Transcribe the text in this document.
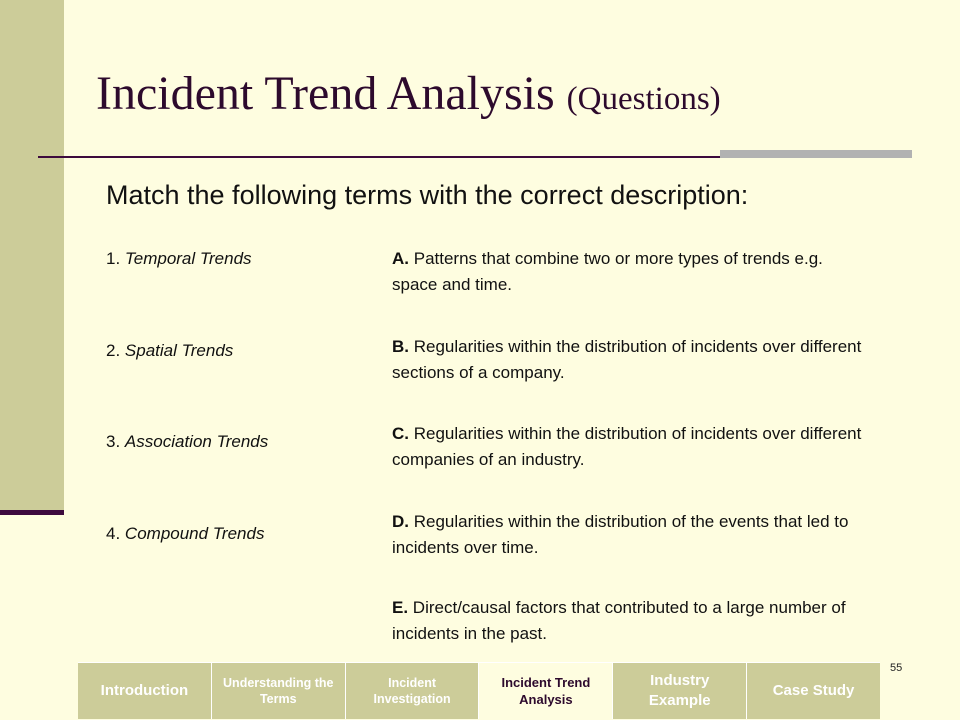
Incident Trend Analysis (Questions)
Match the following terms with the correct description:
1. Temporal Trends
2. Spatial Trends
3. Association Trends
4. Compound Trends
A. Patterns that combine two or more types of trends e.g. space and time.
B. Regularities within the distribution of incidents over different sections of a company.
C. Regularities within the distribution of incidents over different companies of an industry.
D. Regularities within the distribution of the events that led to incidents over time.
E. Direct/causal factors that contributed to a large number of incidents in the past.
Introduction	Understanding the Terms
Incident Investigation
Incident Trend Analysis
Industry Example
Case Study
55
